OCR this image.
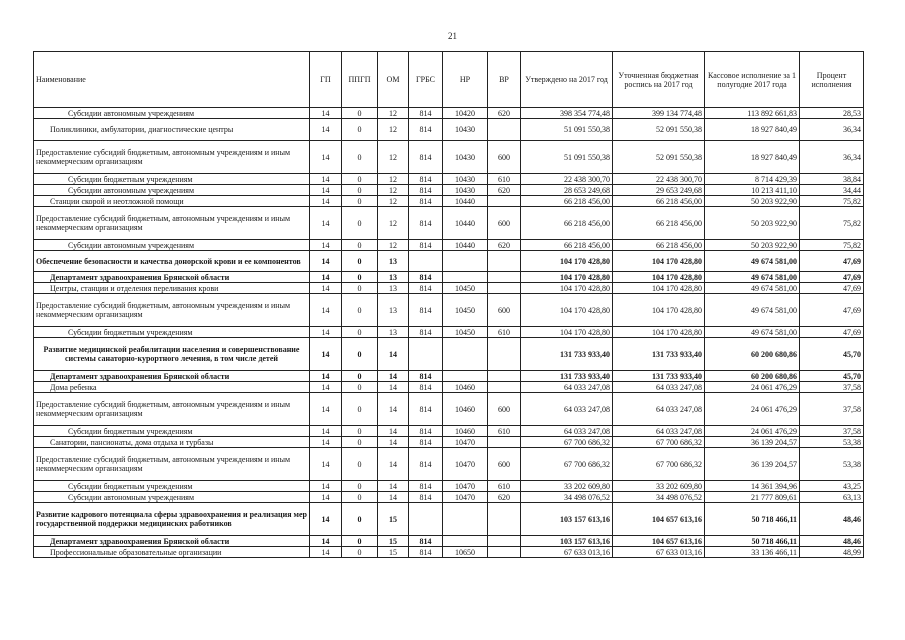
21
Наименование	ГП	ППГП	ОМ	ГРБС	НР	ВР	Утверждено на 2017 год	Уточненная бюджетная роспись на 2017 год	Кассовое исполнение за 1 полугодие 2017 года	Процент исполнения
Субсидии автономным учреждениям	14	0	12	814	10420	620	398 354 774,48	399 134 774,48	113 892 661,83	28,53
Поликлиники, амбулатории, диагностические центры	14	0	12	814	10430		51 091 550,38	52 091 550,38	18 927 840,49	36,34
Предоставление субсидий бюджетным, автономным учреждениям и иным некоммерческим организациям	14	0	12	814	10430	600	51 091 550,38	52 091 550,38	18 927 840,49	36,34
Субсидии бюджетным учреждениям	14	0	12	814	10430	610	22 438 300,70	22 438 300,70	8 714 429,39	38,84
Субсидии автономным учреждениям	14	0	12	814	10430	620	28 653 249,68	29 653 249,68	10 213 411,10	34,44
Станции скорой и неотложной помощи	14	0	12	814	10440		66 218 456,00	66 218 456,00	50 203 922,90	75,82
Предоставление субсидий бюджетным, автономным учреждениям и иным некоммерческим организациям	14	0	12	814	10440	600	66 218 456,00	66 218 456,00	50 203 922,90	75,82
Субсидии автономным учреждениям	14	0	12	814	10440	620	66 218 456,00	66 218 456,00	50 203 922,90	75,82
Обеспечение безопасности и качества донорской крови и ее компонентов	14	0	13				104 170 428,80	104 170 428,80	49 674 581,00	47,69
Департамент здравоохранения Брянской области	14	0	13	814			104 170 428,80	104 170 428,80	49 674 581,00	47,69
Центры, станции и отделения переливания крови	14	0	13	814	10450		104 170 428,80	104 170 428,80	49 674 581,00	47,69
Предоставление субсидий бюджетным, автономным учреждениям и иным некоммерческим организациям	14	0	13	814	10450	600	104 170 428,80	104 170 428,80	49 674 581,00	47,69
Субсидии бюджетным учреждениям	14	0	13	814	10450	610	104 170 428,80	104 170 428,80	49 674 581,00	47,69
Развитие медицинской реабилитации населения и совершенствование системы санаторно-курортного лечения, в том числе детей	14	0	14				131 733 933,40	131 733 933,40	60 200 680,86	45,70
Департамент здравоохранения Брянской области	14	0	14	814			131 733 933,40	131 733 933,40	60 200 680,86	45,70
Дома ребенка	14	0	14	814	10460		64 033 247,08	64 033 247,08	24 061 476,29	37,58
Предоставление субсидий бюджетным, автономным учреждениям и иным некоммерческим организациям	14	0	14	814	10460	600	64 033 247,08	64 033 247,08	24 061 476,29	37,58
Субсидии бюджетным учреждениям	14	0	14	814	10460	610	64 033 247,08	64 033 247,08	24 061 476,29	37,58
Санатории, пансионаты, дома отдыха и турбазы	14	0	14	814	10470		67 700 686,32	67 700 686,32	36 139 204,57	53,38
Предоставление субсидий бюджетным, автономным учреждениям и иным некоммерческим организациям	14	0	14	814	10470	600	67 700 686,32	67 700 686,32	36 139 204,57	53,38
Субсидии бюджетным учреждениям	14	0	14	814	10470	610	33 202 609,80	33 202 609,80	14 361 394,96	43,25
Субсидии автономным учреждениям	14	0	14	814	10470	620	34 498 076,52	34 498 076,52	21 777 809,61	63,13
Развитие кадрового потенциала сферы здравоохранения и реализация мер государственной поддержки медицинских работников	14	0	15				103 157 613,16	104 657 613,16	50 718 466,11	48,46
Департамент здравоохранения Брянской области	14	0	15	814			103 157 613,16	104 657 613,16	50 718 466,11	48,46
Профессиональные образовательные организации	14	0	15	814	10650		67 633 013,16	67 633 013,16	33 136 466,11	48,99
